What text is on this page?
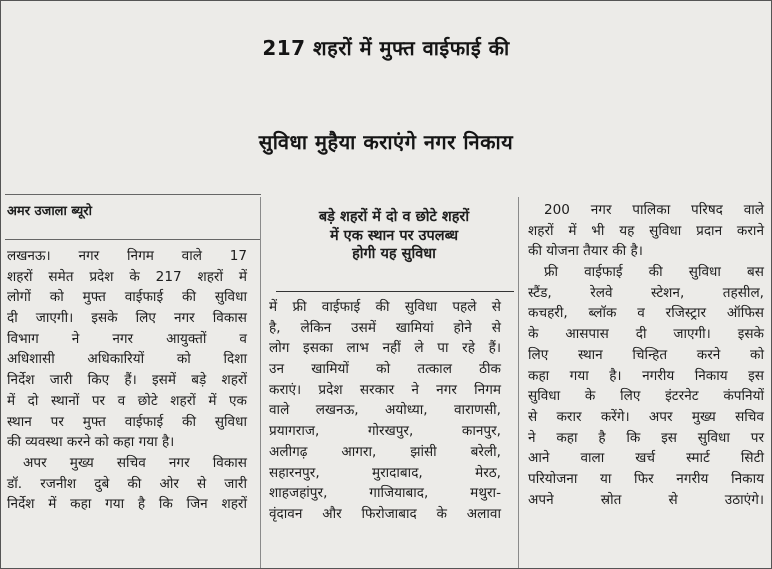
217 शहरों में मुफ्त वाईफाई की
सुविधा मुहैया कराएंगे नगर निकाय

अमर उजाला ब्यूरो	बड़े शहरों में दो व छोटे शहरों
में एक स्थान पर उपलब्ध
होगी यह सुविधा
लखनऊ। नगर निगम वाले 17
शहरों समेत प्रदेश के 217 शहरों में
लोगों को मुफ्त वाईफाई की सुविधा
दी जाएगी। इसके लिए नगर विकास
विभाग ने नगर आयुक्तों व
अधिशासी अधिकारियों को दिशा
निर्देश जारी किए हैं। इसमें बड़े शहरों
में दो स्थानों पर व छोटे शहरों में एक
स्थान पर मुफ्त वाईफाई की सुविधा
की व्यवस्था करने को कहा गया है।
अपर मुख्य सचिव नगर विकास
डॉ. रजनीश दुबे की ओर से जारी
निर्देश में कहा गया है कि जिन शहरों
में फ्री वाईफाई की सुविधा पहले से
है, लेकिन उसमें खामियां होने से
लोग इसका लाभ नहीं ले पा रहे हैं।
उन खामियों को तत्काल ठीक
कराएं। प्रदेश सरकार ने नगर निगम
वाले लखनऊ, अयोध्या, वाराणसी,
प्रयागराज, गोरखपुर, कानपुर,
अलीगढ़ आगरा, झांसी बरेली,
सहारनपुर, मुरादाबाद, मेरठ,
शाहजहांपुर, गाजियाबाद, मथुरा-
वृंदावन और फिरोजाबाद के अलावा
200 नगर पालिका परिषद वाले
शहरों में भी यह सुविधा प्रदान कराने
की योजना तैयार की है।
फ्री वाईफाई की सुविधा बस
स्टैंड, रेलवे स्टेशन, तहसील,
कचहरी, ब्लॉक व रजिस्ट्रार ऑफिस
के आसपास दी जाएगी। इसके
लिए स्थान चिन्हित करने को
कहा गया है। नगरीय निकाय इस
सुविधा के लिए इंटरनेट कंपनियों
से करार करेंगे। अपर मुख्य सचिव
ने कहा है कि इस सुविधा पर
आने वाला खर्च स्मार्ट सिटी
परियोजना या फिर नगरीय निकाय
अपने स्रोत से उठाएंगे।
